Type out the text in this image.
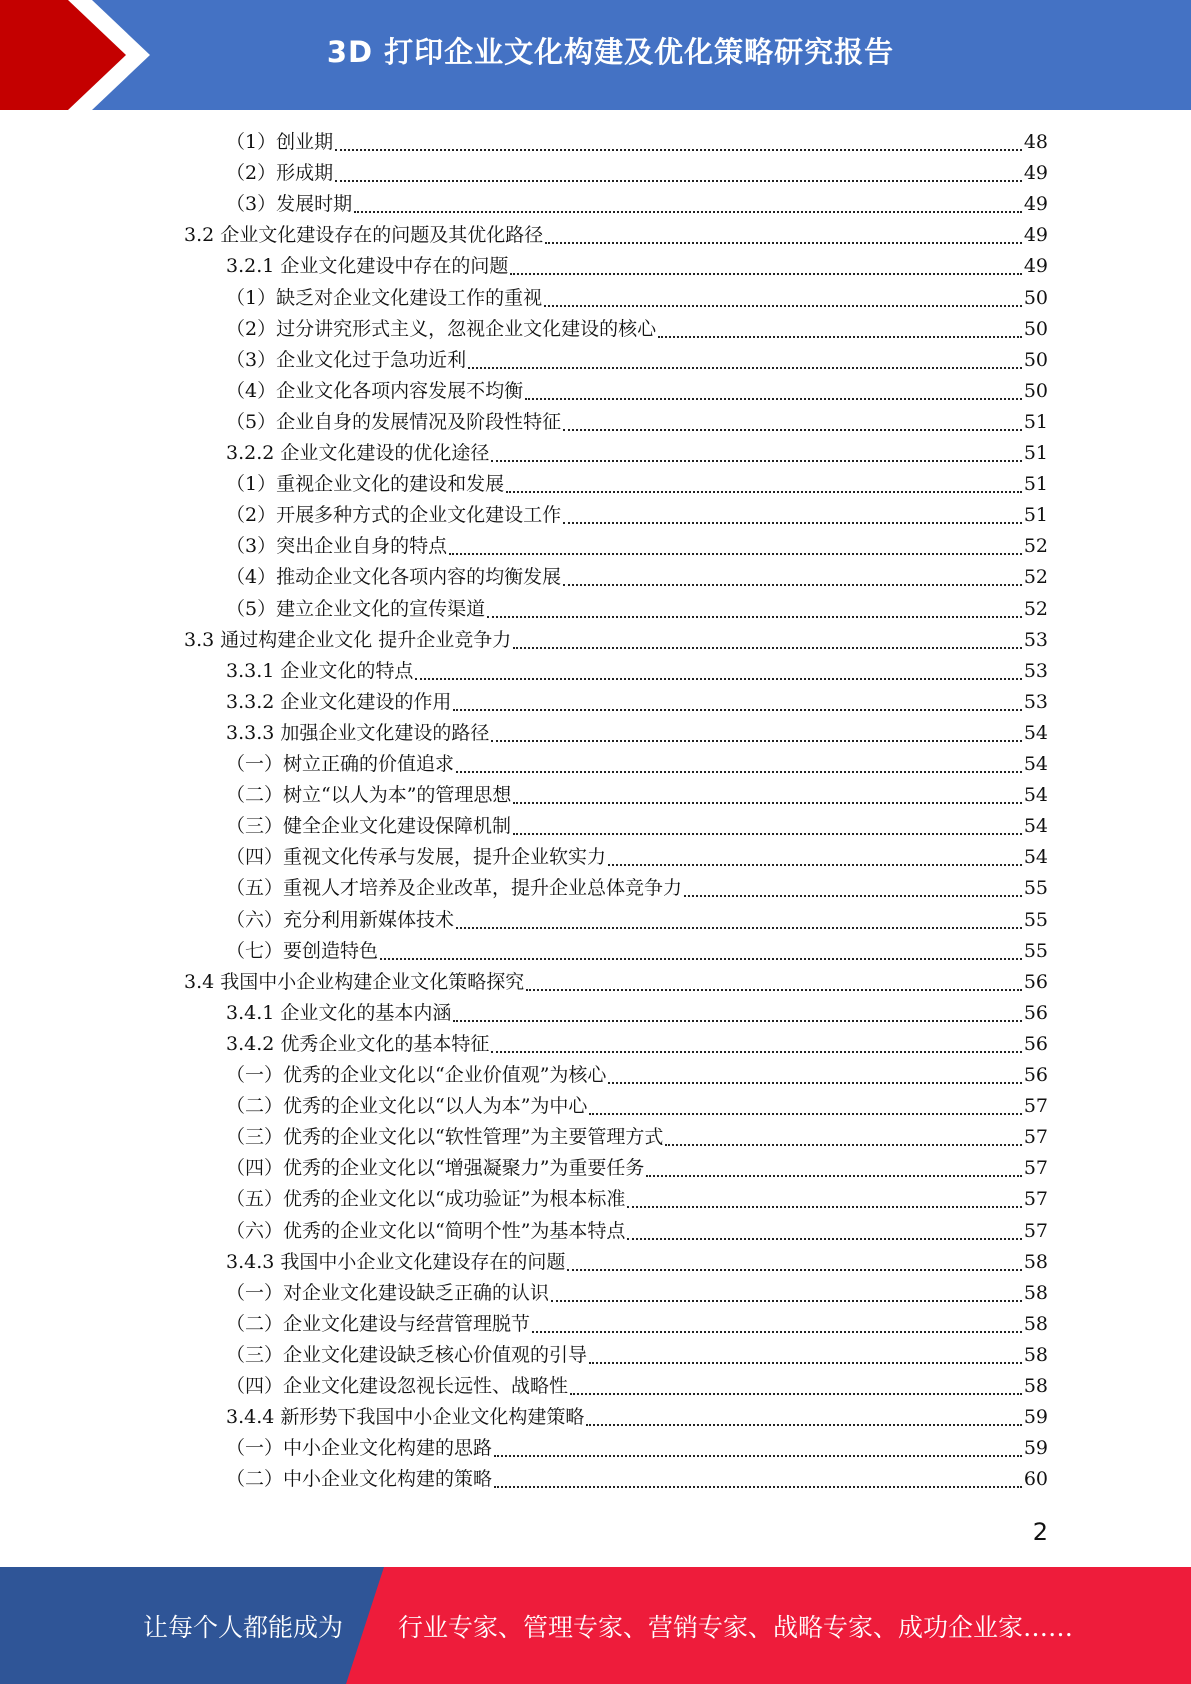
3D 打印企业文化构建及优化策略研究报告
（1）创业期	48
（2）形成期	49
（3）发展时期	49
3.2 企业文化建设存在的问题及其优化路径	49
3.2.1 企业文化建设中存在的问题	49
（1）缺乏对企业文化建设工作的重视	50
（2）过分讲究形式主义，忽视企业文化建设的核心	50
（3）企业文化过于急功近利	50
（4）企业文化各项内容发展不均衡	50
（5）企业自身的发展情况及阶段性特征	51
3.2.2 企业文化建设的优化途径	51
（1）重视企业文化的建设和发展	51
（2）开展多种方式的企业文化建设工作	51
（3）突出企业自身的特点	52
（4）推动企业文化各项内容的均衡发展	52
（5）建立企业文化的宣传渠道	52
3.3 通过构建企业文化 提升企业竞争力	53
3.3.1 企业文化的特点	53
3.3.2 企业文化建设的作用	53
3.3.3 加强企业文化建设的路径	54
（一）树立正确的价值追求	54
（二）树立“以人为本”的管理思想	54
（三）健全企业文化建设保障机制	54
（四）重视文化传承与发展，提升企业软实力	54
（五）重视人才培养及企业改革，提升企业总体竞争力	55
（六）充分利用新媒体技术	55
（七）要创造特色	55
3.4 我国中小企业构建企业文化策略探究	56
3.4.1 企业文化的基本内涵	56
3.4.2 优秀企业文化的基本特征	56
（一）优秀的企业文化以“企业价值观”为核心	56
（二）优秀的企业文化以“以人为本”为中心	57
（三）优秀的企业文化以“软性管理”为主要管理方式	57
（四）优秀的企业文化以“增强凝聚力”为重要任务	57
（五）优秀的企业文化以“成功验证”为根本标准	57
（六）优秀的企业文化以“简明个性”为基本特点	57
3.4.3 我国中小企业文化建设存在的问题	58
（一）对企业文化建设缺乏正确的认识	58
（二）企业文化建设与经营管理脱节	58
（三）企业文化建设缺乏核心价值观的引导	58
（四）企业文化建设忽视长远性、战略性	58
3.4.4 新形势下我国中小企业文化构建策略	59
（一）中小企业文化构建的思路	59
（二）中小企业文化构建的策略	60
2
让每个人都能成为 行业专家、管理专家、营销专家、战略专家、成功企业家……
